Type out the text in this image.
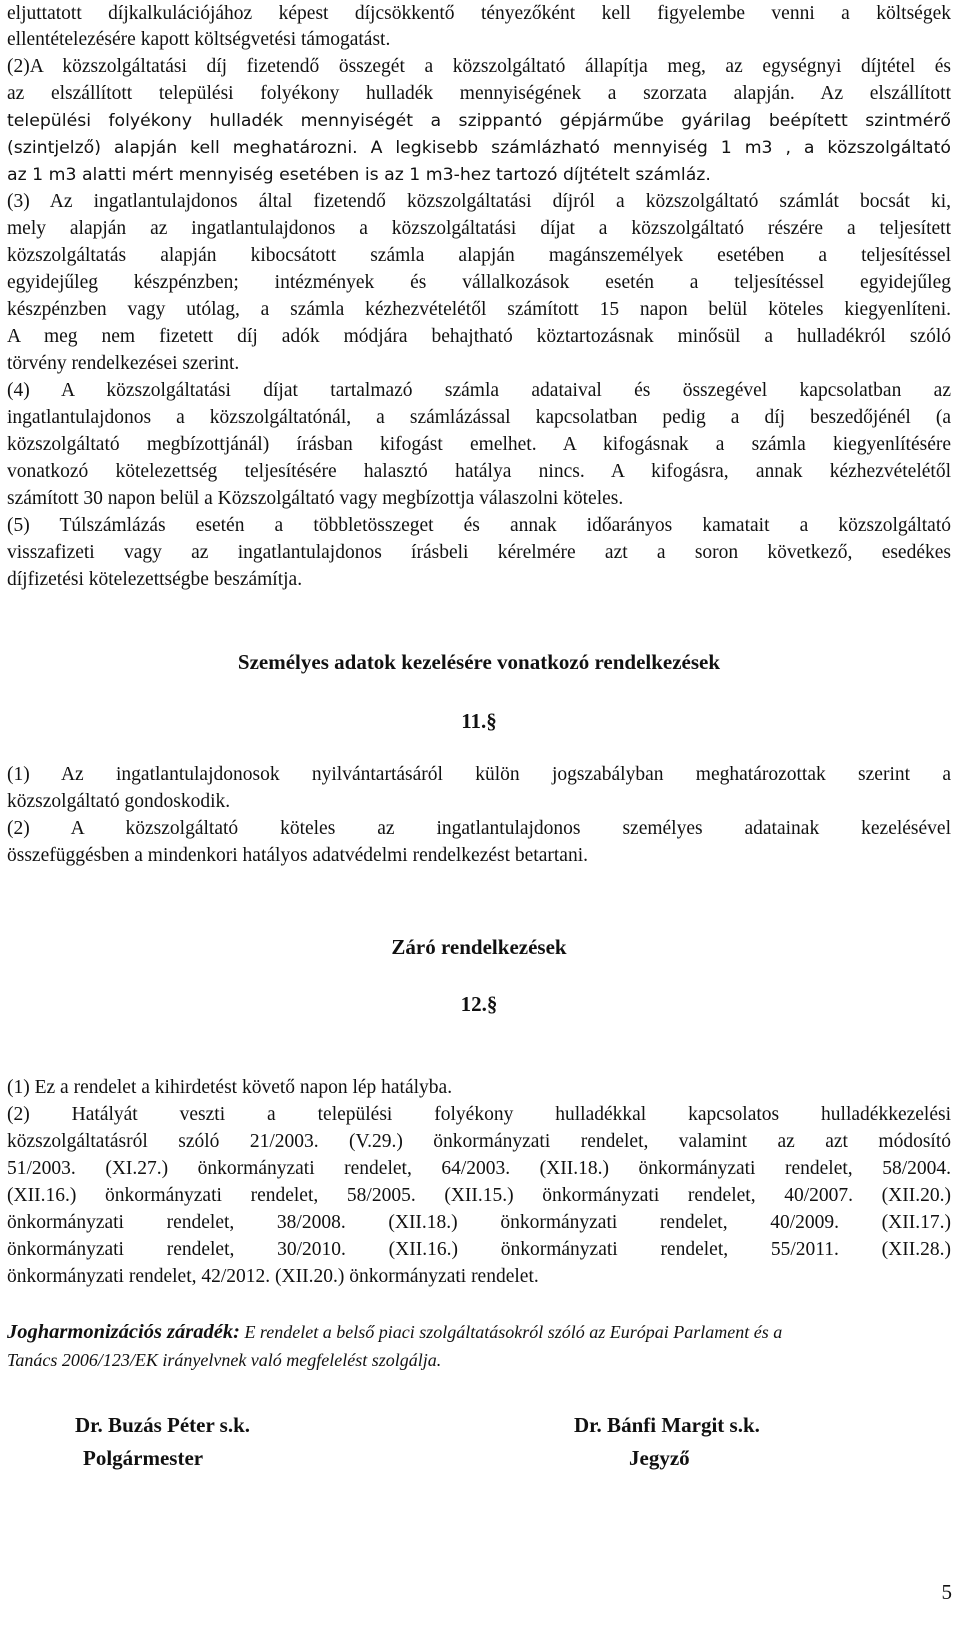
eljuttatott díjkalkulációjához képest díjcsökkentő tényezőként kell figyelembe venni a költségek
ellentételezésére kapott költségvetési támogatást.
(2)A közszolgáltatási díj fizetendő összegét a közszolgáltató állapítja meg, az egységnyi díjtétel és
az elszállított települési folyékony hulladék mennyiségének a szorzata alapján. Az elszállított
települési folyékony hulladék mennyiségét a szippantó gépjárműbe gyárilag beépített szintmérő
(szintjelző) alapján kell meghatározni. A legkisebb számlázható mennyiség 1 m3 , a közszolgáltató
az 1 m3 alatti mért mennyiség esetében is az 1 m3-hez tartozó díjtételt számláz.
(3) Az ingatlantulajdonos által fizetendő közszolgáltatási díjról a közszolgáltató számlát bocsát ki,
mely alapján az ingatlantulajdonos a közszolgáltatási díjat a közszolgáltató részére a teljesített
közszolgáltatás alapján kibocsátott számla alapján magánszemélyek esetében a teljesítéssel
egyidejűleg készpénzben; intézmények és vállalkozások esetén a teljesítéssel egyidejűleg
készpénzben vagy utólag, a számla kézhezvételétől számított 15 napon belül köteles kiegyenlíteni.
A meg nem fizetett díj adók módjára behajtható köztartozásnak minősül a hulladékról szóló
törvény rendelkezései szerint.
(4) A közszolgáltatási díjat tartalmazó számla adataival és összegével kapcsolatban az
ingatlantulajdonos a közszolgáltatónál, a számlázással kapcsolatban pedig a díj beszedőjénél (a
közszolgáltató megbízottjánál) írásban kifogást emelhet. A kifogásnak a számla kiegyenlítésére
vonatkozó kötelezettség teljesítésére halasztó hatálya nincs. A kifogásra, annak kézhezvételétől
számított 30 napon belül a Közszolgáltató vagy megbízottja válaszolni köteles.
(5) Túlszámlázás esetén a többletösszeget és annak időarányos kamatait a közszolgáltató
visszafizeti vagy az ingatlantulajdonos írásbeli kérelmére azt a soron következő, esedékes
díjfizetési kötelezettségbe beszámítja.
Személyes adatok kezelésére vonatkozó rendelkezések
11.§
(1) Az ingatlantulajdonosok nyilvántartásáról külön jogszabályban meghatározottak szerint a
közszolgáltató gondoskodik.
(2) A közszolgáltató köteles az ingatlantulajdonos személyes adatainak kezelésével
összefüggésben a mindenkori hatályos adatvédelmi rendelkezést betartani.
Záró rendelkezések
12.§
(1) Ez a rendelet a kihirdetést követő napon lép hatályba.
(2) Hatályát veszti a települési folyékony hulladékkal kapcsolatos hulladékkezelési
közszolgáltatásról szóló 21/2003. (V.29.) önkormányzati rendelet, valamint az azt módosító
51/2003. (XI.27.) önkormányzati rendelet, 64/2003. (XII.18.) önkormányzati rendelet, 58/2004.
(XII.16.) önkormányzati rendelet, 58/2005. (XII.15.) önkormányzati rendelet, 40/2007. (XII.20.)
önkormányzati rendelet, 38/2008. (XII.18.) önkormányzati rendelet, 40/2009. (XII.17.)
önkormányzati rendelet, 30/2010. (XII.16.) önkormányzati rendelet, 55/2011. (XII.28.)
önkormányzati rendelet, 42/2012. (XII.20.) önkormányzati rendelet.
Jogharmonizációs záradék: E rendelet a belső piaci szolgáltatásokról szóló az Európai Parlament és a
Tanács 2006/123/EK irányelvnek való megfelelést szolgálja.
Dr. Buzás Péter s.k.
Polgármester
Dr. Bánfi Margit s.k.
Jegyző
5
